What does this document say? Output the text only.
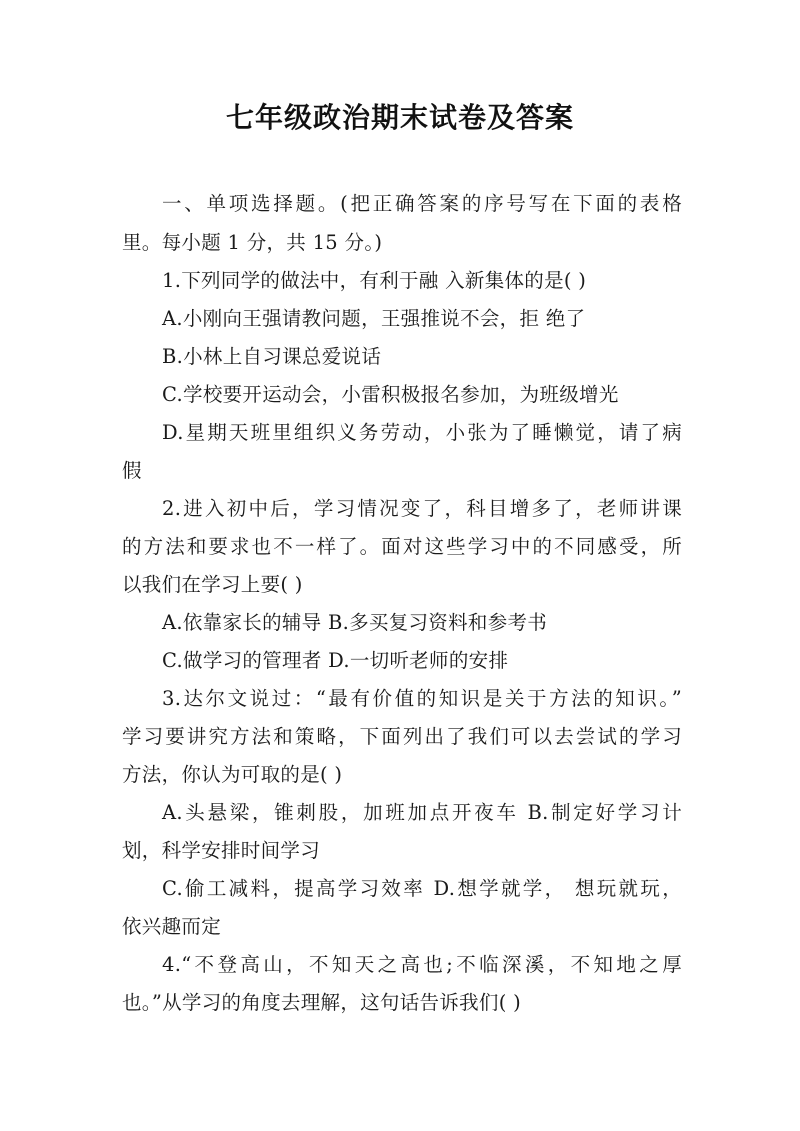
七年级政治期末试卷及答案
一、单项选择题。(把正确答案的序号写在下面的表格
里。每小题 1 分，共 15 分。)
1.下列同学的做法中，有利于融 入新集体的是( )
A.小刚向王强请教问题，王强推说不会，拒 绝了
B.小林上自习课总爱说话
C.学校要开运动会，小雷积极报名参加，为班级增光
D.星期天班里组织义务劳动，小张为了睡懒觉，请了病
假
2.进入初中后，学习情况变了，科目增多了，老师讲课
的方法和要求也不一样了。面对这些学习中的不同感受，所
以我们在学习上要( )
A.依靠家长的辅导 B.多买复习资料和参考书
C.做学习的管理者 D.一切听老师的安排
3.达尔文说过：“最有价值的知识是关于方法的知识。”
学习要讲究方法和策略，下面列出了我们可以去尝试的学习
方法，你认为可取的是( )
A.头悬梁，锥刺股，加班加点开夜车 B.制定好学习计
划，科学安排时间学习
C.偷工减料，提高学习效率 D.想学就学， 想玩就玩，
依兴趣而定
4.“不登高山，不知天之高也;不临深溪，不知地之厚
也。”从学习的角度去理解，这句话告诉我们( )
